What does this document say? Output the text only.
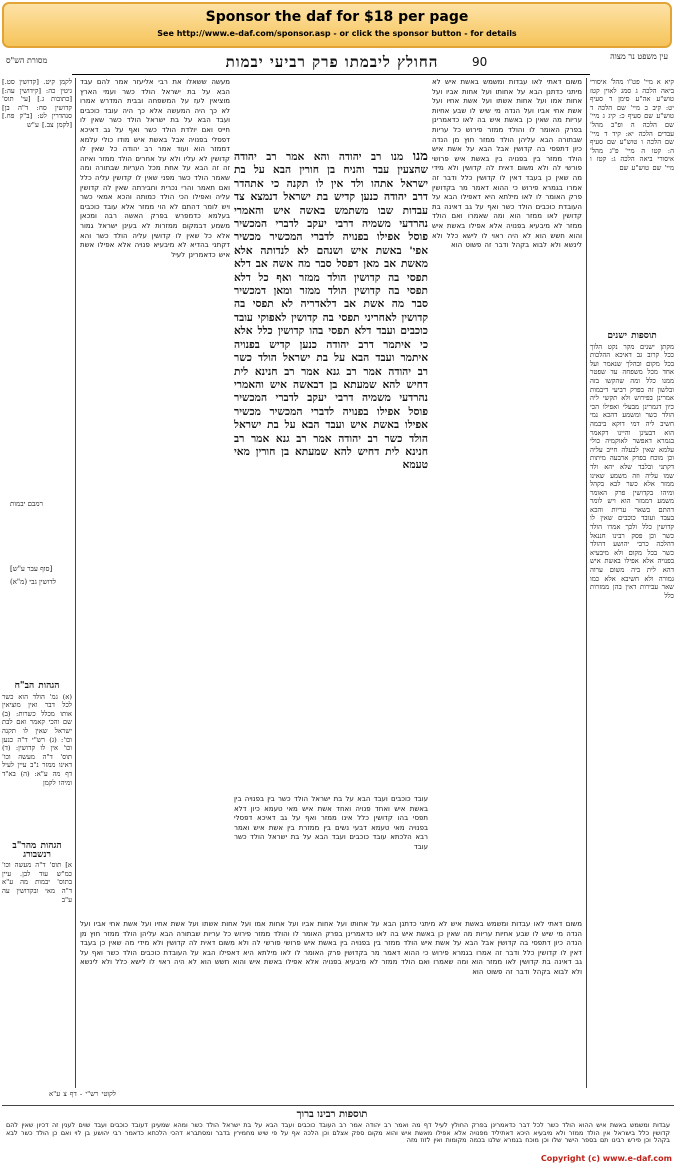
Sponsor the daf for $18 per page
See http://www.e-daf.com/sponsor.asp - or click the sponsor button - for details
מסורת הש"ס	החולץ ליבמתו פרק רביעי יבמות	90	עין משפט נר מצוה
קיא א מיי' פט"ו מהל' איסורי ביאה הלכה ג סמג לאוין קטז טוש"ע אה"ע סימן ד סעיף יט: קיב ב מיי' שם הלכה ד טוש"ע שם סעיף כ: קיג ג מיי' שם הלכה ה ופ"ב מהל' עבדים הלכה יא: קיד ד מיי' שם הלכה ו טוש"ע שם סעיף ה: קטו ה מיי' פ"ג מהל' איסורי ביאה הלכה ג: קטז ו מיי' שם טוש"ע שם
תוספות ישנים
מקתן ישנים מקר נקט הלוך ככל קרוב גב דאיכא ההלכות בכל מקום ובהלך שנאמר ועל אחד מכל משפחה עד שפטר ממנו כלל ומה שהקשו בזה ובלשון זה בפרק רביעי דיבמות אמרינן בפירוש ולא תקשי ליה כיון דגמרינן מבעלי ואפילו הכי הולד כשר ומשמע דהכא נמי חשיב ליה דמי דוקא ביבמה הוא דבעינן והיינו דקאמר בגמרא דאפשר לאוקמיה כולי עלמא שאין לבעלה חייב עליה וכן מוכח בפרק ארבעה מיתות דקתני ובלבד שלא יהא ולד שמו עליה וזה משמע שאינו ממזר אלא כשר לבא בקהל ומיהו בקדושין פרק האומר משמע דממזר הוא ויש לומר דהתם בשאר עריות והכא בעבד ועובד כוכבים שאין לו קדושין כלל ולכך אמרו הולד כשר וכן פסק רבינו חננאל דהלכה כרבי יהושע דהולד כשר בכל מקום ולא מיבעיא בפנויה אלא אפילו באשת איש דהא לית ביה משום ערוה גמורה ולא חשיבא אלא כמו שאר עבירות דאין בהן ממזרות כלל
לקמן קיט. [קדושין סט.] גיטין כה: [קידושין עה:] [כתובות ג.] [עי' תוס' קדושין סח: ד"ה בן] סנהדרין לט: [ב"ק פח.] [לקמן צב.] ע"ש
רמבם יבמות
[סוף עבר ע"ש]
(מ"א) לדושין גבי
הגהות הב"ח
(א) גמ' הולד הוא כשר לכל דבר ואין מוציאין אותו מכלל כשרות: (ב) שם והכי קאמר ואם לבת ישראל שאין לו תקנה וכו': (ג) רש"י ד"ה כנען וכו' אין לו קדושין: (ד) תוס' ד"ה מעשה וכו' דאינו ממזר נ"ב עיין לעיל דף מה ע"א: (ה) בא"ד ומיהו לקמן
הגהות מהר"ב רנשבורג
א] תוס' ד"ה מעשה וכו' כמ"ש עוד לבן. עיין בתוס' יבמות מה ע"א ד"ה מאי ובקדושין עה ע"ב
משום דאתי לאו עבדות ומשמש באשת איש לא מיתני כדתנן הבא על אחותו ועל אחות אביו ועל אחות אמו ועל אחות אשתו ועל אשת אחיו ועל אשת אחי אביו ועל הנדה מי שיש לו שבע אחיות עריות מה שאין כן באשת איש בה לאו כדאמרינן בפרק האומר לו והולד ממזר פירוש כל עריות שבתורה הבא עליהן הולד ממזר חוץ מן הנדה כיון דתפסי בה קדושין אבל הבא על אשת איש הולד ממזר בין בפנויה בין באשת איש פרושי פורשי לה ולא משום דאית לה קדושין ולא מידי מה שאין כן בעבד דאין לו קדושין כלל ודבר זה אמרו בגמרא פירוש כי ההוא דאמר מר בקדושין פרק האומר לו לאו מילתא היא דאפילו הבא על העובדת כוכבים הולד כשר ואף על גב דאינה בת קדושין לאו ממזר הוא ומה שאמרו ואם הולד ממזר לא מיבעיא בפנויה אלא אפילו באשת איש והוא חשש הוא לא היה ראוי לו לישא כלל ולא לינשא ולא לבוא בקהל ודבר זה פשוט הוא
מעשה ששאלו את רבי אליעזר אמר להם עבד הבא על בת ישראל הולד כשר ועמי הארץ מוציאין לעז על המשפחה ובבית המדרש אמרו לא כך היה המעשה אלא כך היה עובד כוכבים ועבד הבא על בת ישראל הולד כשר שאין לו חייס ואם יולדת הולד כשר ואף על גב דאיכא דפסלי בפנויה אבל באשת איש מודו כולי עלמא דממזר הוא ועוד אמר רב יהודה כל שאין לו קדושין לא עליו ולא על אחרים הולד ממזר ואיזה זה זה הבא על אחת מכל העריות שבתורה ומה שאמר הולד כשר מפני שאין לו קדושין עליה כלל ואם תאמר והרי נכרית וחבירתה שאין לה קדושין עליה ואפילו הכי הולד כמותה והכא אמאי כשר ויש לומר דהתם לא הוי ממזר אלא עובד כוכבים בעלמא כדמפרש בפרק האשה רבה ומכאן משמע דבמקום ממזרות לא בעינן ישראל גמור אלא כל שאין לו קדושין עליה הולד כשר והא דקתני בהדיא לא מיבעיא פנויה אלא אפילו אשת איש כדאמרינן לעיל
מנו מנו רב יהודה והא אמר רב יהודה שהצעין עבד והניח בן חורין הבא על בת ישראל אתהו ולד אין לו תקנה כי אתהדר דרב יהודה כנען קדיש בת ישראל דנמצא צד עבדות שבו משתמש באשה איש והאמרי נהרדעי משמיה דרבי יעקב לדברי המכשיר פוסל אפילו בפנויה לדברי המכשיר מכשיר אפי' באשת איש ושנהם לא לנדותה אלא מאשת אב מאן דפסל סבר מה אשה אב דלא תפסי בה קדושין הולד ממזר ואף כל דלא תפסי בה קדושין הולד ממזר ומאן דמכשיר סבר מה אשת אב דלאדריה לא תפסי בה קדושין לאחריני תפסי בה קדושין לאפוקי עובד כוכבים ועבד דלא תפסי בהו קדושין כלל אלא כי איתמר דרב יהודה כנען קדיש בפנויה איתמר ועבד הבא על בת ישראל הולד כשר רב יהודה אמר רב גנא אמר רב חנינא לית דחיש להא שמעתא בן דבאשה איש והאמרי נהרדעי משמיה דרבי יעקב לדברי המכשיר פוסל אפילו בפנויה לדברי המכשיר מכשיר אפילו באשת איש ועבד הבא על בת ישראל הולד כשר רב יהודה אמר רב גנא אמר רב חנינא לית דחיש להא שמעתא בן חורין מאי טעמא
עובד כוכבים ועבד הבא על בת ישראל הולד כשר בין בפנויה בין באשת איש ואחד פנויה ואחד אשת איש מאי טעמא כיון דלא תפסי בהו קדושין כלל אינו ממזר ואף על גב דאיכא דפסלי בפנויה מאי טעמא דבעי נשים בין ממזרת בין אשת איש ואמר רבא הלכתא עובד כוכבים ועבד הבא על בת ישראל הולד כשר עובד
משום דאתי לאו עבדות ומשמש באשת איש לא מיתני כדתנן הבא על אחותו ועל אחות אביו ועל אחות אמו ועל אחות אשתו ועל אשת אחיו ועל אשת אחי אביו ועל הנדה מי שיש לו שבע אחיות עריות מה שאין כן באשת איש בה לאו כדאמרינן בפרק האומר לו והולד ממזר פירוש כל עריות שבתורה הבא עליהן הולד ממזר חוץ מן הנדה כיון דתפסי בה קדושין אבל הבא על אשת איש הולד ממזר בין בפנויה בין באשת איש פרושי פורשי לה ולא משום דאית לה קדושין ולא מידי מה שאין כן בעבד דאין לו קדושין כלל ודבר זה אמרו בגמרא פירוש כי ההוא דאמר מר בקדושין פרק האומר לו לאו מילתא היא דאפילו הבא על העובדת כוכבים הולד כשר ואף על גב דאינה בת קדושין לאו ממזר הוא ומה שאמרו ואם הולד ממזר לא מיבעיא בפנויה אלא אפילו באשת איש והוא חשש הוא לא היה ראוי לו לישא כלל ולא לינשא ולא לבוא בקהל ודבר זה פשוט הוא
תוספות רבינו ברוך
עבדות ומשמש באשת איש ההוא הולד כשר לכל דבר כדאמרינן בפרק החולץ לעיל דף מה ואמר רב יהודה אמר רב העובד כוכבים ועבד הבא על בת ישראל הולד כשר ומהא שמעינן דעובד כוכבים ועבד שוים לענין זה דכיון שאין להם קדושין כלל בישראל אין הולד ממזר ולא מיבעיא היכא דאתיליד מפנויה אלא אפילו מאשת איש והוא מקום ספק אצלם וכן הלכה אף על פי שיש מחמירין בדבר ומסתברא דהכי הלכתא כדאמר רבי יהושע בן לוי ואם כן הולד כשר לבא בקהל וכן פירש רבינו תם בספר הישר שלו וכן מוכח בגמרא שלנו בכמה מקומות ואין לזוז מזה
לקוטי רש"י - דף צ ע"א
Copyright (c) www.e-daf.com
